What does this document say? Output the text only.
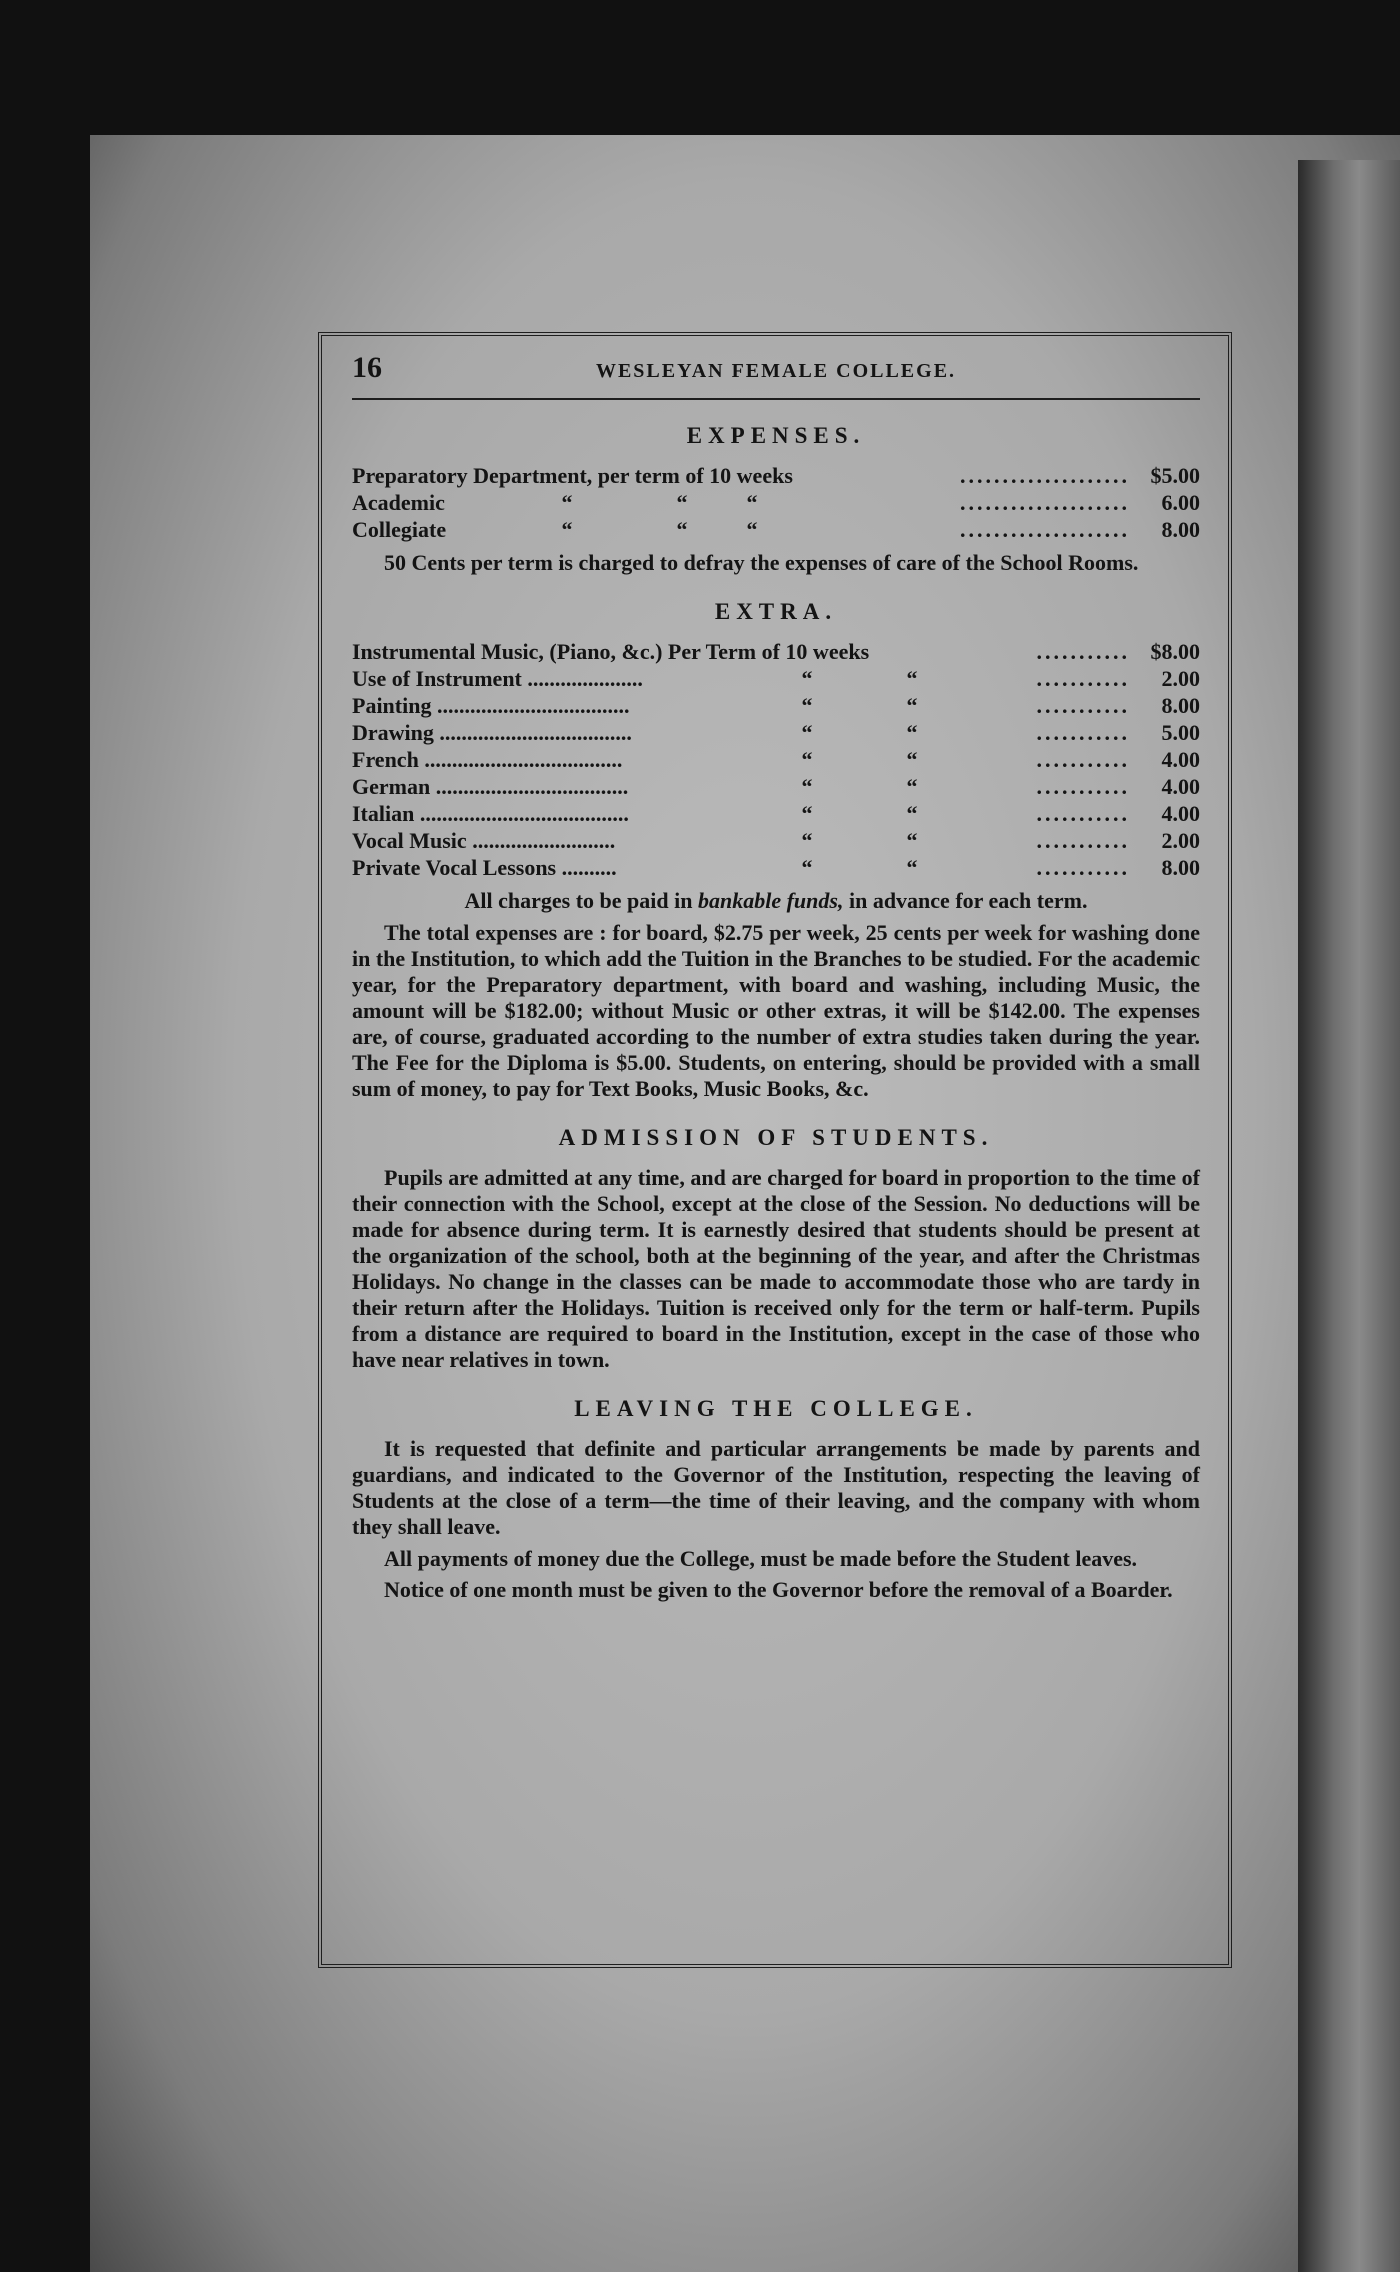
16	WESLEYAN FEMALE COLLEGE.
EXPENSES.
Preparatory Department, per term of 10 weeks	.................... $5.00
Academic	“	“	“	....................	6.00
Collegiate	“	“	“	....................	8.00

50 Cents per term is charged to defray the expenses of care of the School Rooms.

EXTRA.
Instrumental Music, (Piano, &c.) Per Term of 10 weeks	........... $8.00
Use of Instrument .....................	“	“	...........	2.00
Painting ...................................	“	“	...........	8.00
Drawing ...................................	“	“	...........	5.00
French ....................................	“	“	...........	4.00
German ...................................	“	“	...........	4.00
Italian ......................................	“	“	...........	4.00
Vocal Music ..........................	“	“	...........	2.00
Private Vocal Lessons ..........	“	“	...........	8.00

All charges to be paid in bankable funds, in advance for each term.

The total expenses are : for board, $2.75 per week, 25 cents per week for washing done in the Institution, to which add the Tuition in the Branches to be studied. For the academic year, for the Preparatory department, with board and washing, including Music, the amount will be $182.00; without Music or other extras, it will be $142.00. The expenses are, of course, graduated according to the number of extra studies taken during the year. The Fee for the Diploma is $5.00. Students, on entering, should be provided with a small sum of money, to pay for Text Books, Music Books, &c.

ADMISSION OF STUDENTS.

Pupils are admitted at any time, and are charged for board in proportion to the time of their connection with the School, except at the close of the Session. No deductions will be made for absence during term. It is earnestly desired that students should be present at the organization of the school, both at the beginning of the year, and after the Christmas Holidays. No change in the classes can be made to accommodate those who are tardy in their return after the Holidays. Tuition is received only for the term or half-term. Pupils from a distance are required to board in the Institution, except in the case of those who have near relatives in town.

LEAVING THE COLLEGE.

It is requested that definite and particular arrangements be made by parents and guardians, and indicated to the Governor of the Institution, respecting the leaving of Students at the close of a term—the time of their leaving, and the company with whom they shall leave.

All payments of money due the College, must be made before the Student leaves.

Notice of one month must be given to the Governor before the removal of a Boarder.
